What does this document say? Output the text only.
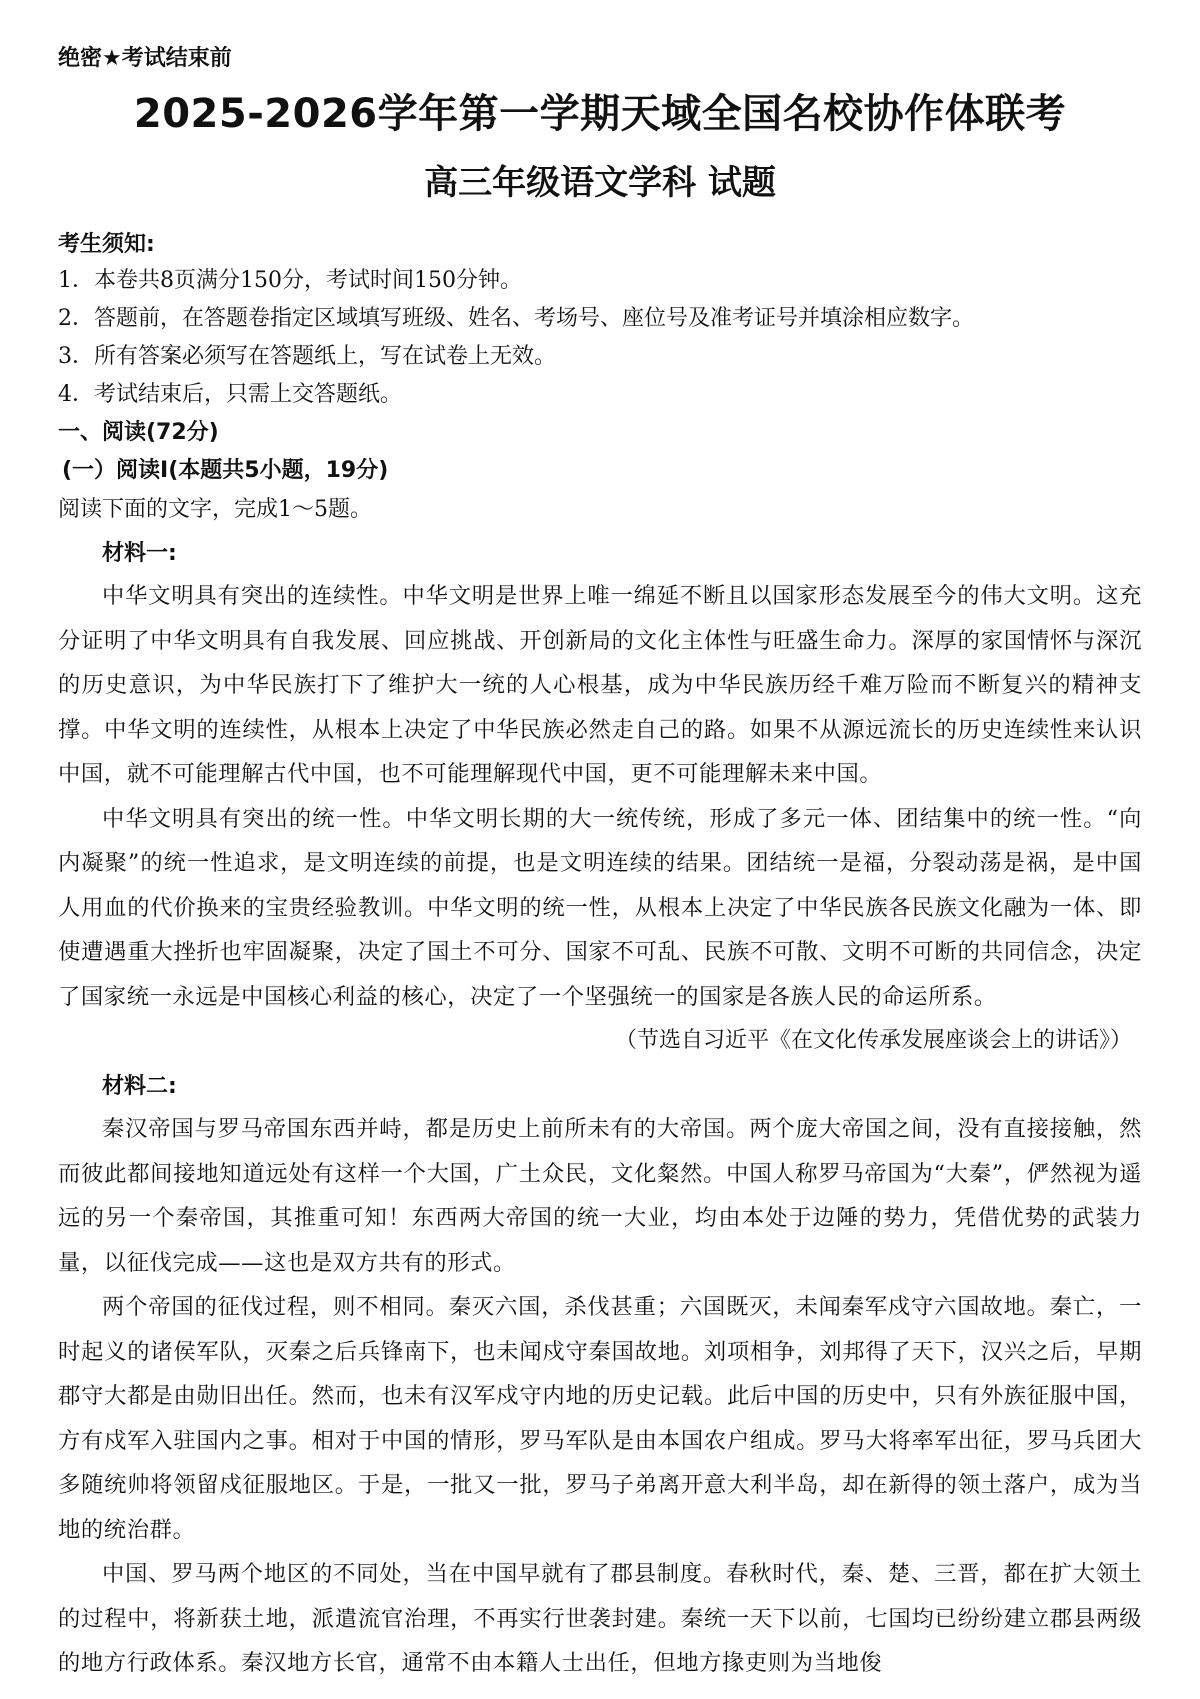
绝密★考试结束前
2025-2026学年第一学期天域全国名校协作体联考
高三年级语文学科 试题
考生须知:
1．本卷共8页满分150分，考试时间150分钟。
2．答题前，在答题卷指定区域填写班级、姓名、考场号、座位号及准考证号并填涂相应数字。
3．所有答案必须写在答题纸上，写在试卷上无效。
4．考试结束后，只需上交答题纸。
一、阅读(72分)
(一）阅读Ⅰ(本题共5小题，19分)

阅读下面的文字，完成1～5题。

材料一:

中华文明具有突出的连续性。中华文明是世界上唯一绵延不断且以国家形态发展至今的伟大文明。这充分证明了中华文明具有自我发展、回应挑战、开创新局的文化主体性与旺盛生命力。深厚的家国情怀与深沉的历史意识，为中华民族打下了维护大一统的人心根基，成为中华民族历经千难万险而不断复兴的精神支撑。中华文明的连续性，从根本上决定了中华民族必然走自己的路。如果不从源远流长的历史连续性来认识中国，就不可能理解古代中国，也不可能理解现代中国，更不可能理解未来中国。

中华文明具有突出的统一性。中华文明长期的大一统传统，形成了多元一体、团结集中的统一性。“向内凝聚”的统一性追求，是文明连续的前提，也是文明连续的结果。团结统一是福，分裂动荡是祸，是中国人用血的代价换来的宝贵经验教训。中华文明的统一性，从根本上决定了中华民族各民族文化融为一体、即使遭遇重大挫折也牢固凝聚，决定了国土不可分、国家不可乱、民族不可散、文明不可断的共同信念，决定了国家统一永远是中国核心利益的核心，决定了一个坚强统一的国家是各族人民的命运所系。

（节选自习近平《在文化传承发展座谈会上的讲话》）

材料二:

秦汉帝国与罗马帝国东西并峙，都是历史上前所未有的大帝国。两个庞大帝国之间，没有直接接触，然而彼此都间接地知道远处有这样一个大国，广土众民，文化粲然。中国人称罗马帝国为“大秦”，俨然视为遥远的另一个秦帝国，其推重可知！东西两大帝国的统一大业，均由本处于边陲的势力，凭借优势的武装力量，以征伐完成——这也是双方共有的形式。

两个帝国的征伐过程，则不相同。秦灭六国，杀伐甚重；六国既灭，未闻秦军戍守六国故地。秦亡，一时起义的诸侯军队，灭秦之后兵锋南下，也未闻戍守秦国故地。刘项相争，刘邦得了天下，汉兴之后，早期郡守大都是由勋旧出任。然而，也未有汉军戍守内地的历史记载。此后中国的历史中，只有外族征服中国，方有戍军入驻国内之事。相对于中国的情形，罗马军队是由本国农户组成。罗马大将率军出征，罗马兵团大多随统帅将领留戍征服地区。于是，一批又一批，罗马子弟离开意大利半岛，却在新得的领土落户，成为当地的统治群。

中国、罗马两个地区的不同处，当在中国早就有了郡县制度。春秋时代，秦、楚、三晋，都在扩大领土的过程中，将新获土地，派遣流官治理，不再实行世袭封建。秦统一天下以前，七国均已纷纷建立郡县两级的地方行政体系。秦汉地方长官，通常不由本籍人士出任，但地方掾吏则为当地俊
